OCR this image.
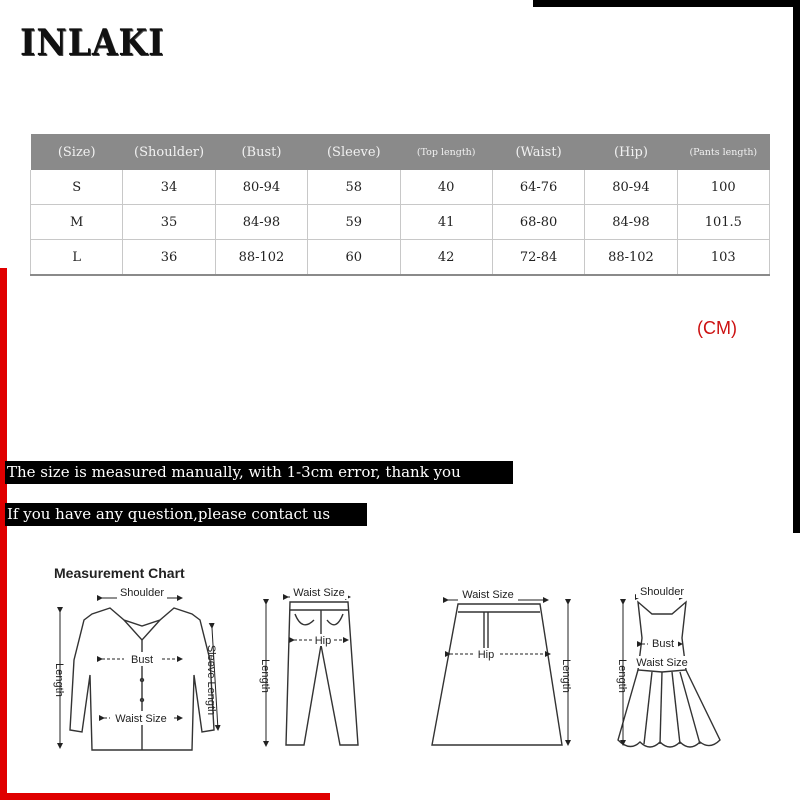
INLAKI
(Size)	(Shoulder)	(Bust)	(Sleeve)	(Top length)	(Waist)	(Hip)	(Pants length)
S	34	80-94	58	40	64-76	80-94	100
M	35	84-98	59	41	68-80	84-98	101.5
L	36	88-102	60	42	72-84	88-102	103
(CM)
The size is measured manually, with 1-3cm error, thank you
If you have any question,please contact us
Measurement Chart
Shoulder
Bust
Waist Size
Length	Sleeve Length
Waist Size
Hip
Length
Waist Size
Hip
Length
Shoulder
Bust
Waist Size
Length
